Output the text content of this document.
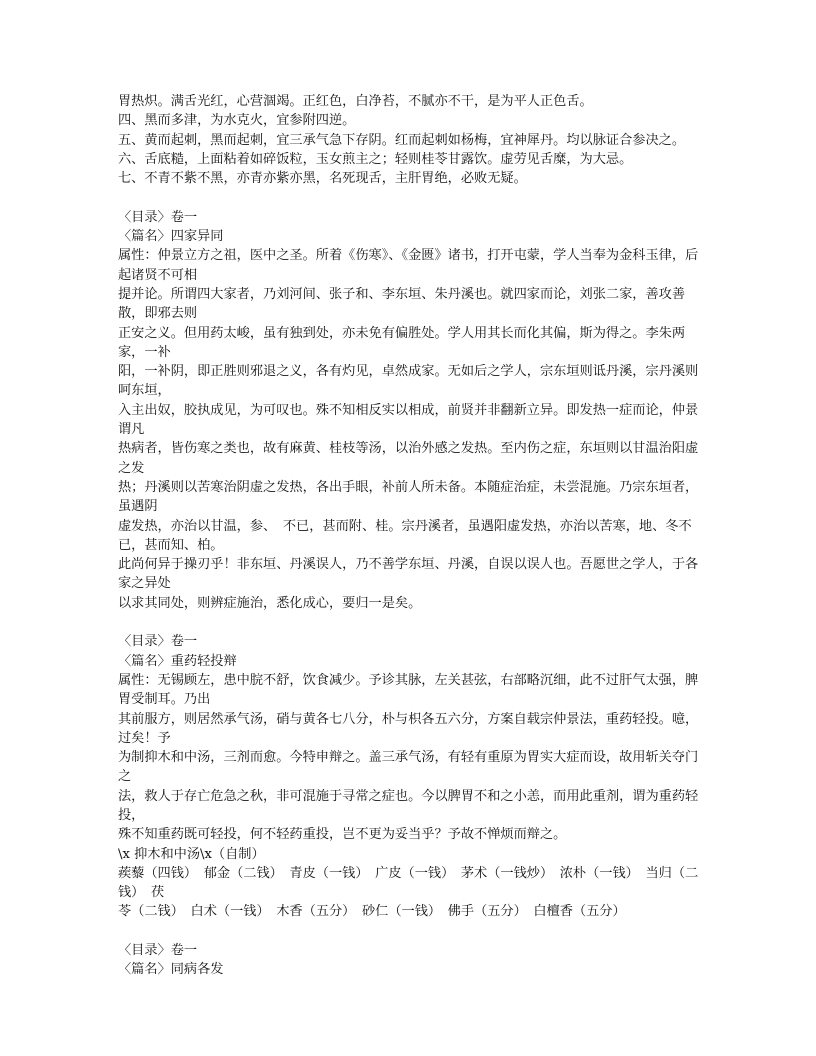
胃热炽。满舌光红，心营涸竭。正红色，白净苔，不腻亦不干，是为平人正色舌。

四、黑而多津，为水克火，宜参附四逆。

五、黄而起刺，黑而起刺，宜三承气急下存阴。红而起刺如杨梅，宜神犀丹。均以脉证合参决之。

六、舌底糙，上面粘着如碎饭粒，玉女煎主之；轻则桂苓甘露饮。虚劳见舌糜，为大忌。

七、不青不紫不黑，亦青亦紫亦黑，名死现舌，主肝胃绝，必败无疑。

〈目录〉卷一

〈篇名〉四家异同

属性：仲景立方之祖，医中之圣。所着《伤寒》、《金匮》诸书，打开屯蒙，学人当奉为金科玉律，后起诸贤不可相

提并论。所谓四大家者，乃刘河间、张子和、李东垣、朱丹溪也。就四家而论，刘张二家，善攻善散，即邪去则

正安之义。但用药太峻，虽有独到处，亦未免有偏胜处。学人用其长而化其偏，斯为得之。李朱两家，一补

阳，一补阴，即正胜则邪退之义，各有灼见，卓然成家。无如后之学人，宗东垣则诋丹溪，宗丹溪则呵东垣，

入主出奴，胶执成见，为可叹也。殊不知相反实以相成，前贤并非翻新立异。即发热一症而论，仲景谓凡

热病者，皆伤寒之类也，故有麻黄、桂枝等汤，以治外感之发热。至内伤之症，东垣则以甘温治阳虚之发

热；丹溪则以苦寒治阴虚之发热，各出手眼，补前人所未备。本随症治症，未尝混施。乃宗东垣者，虽遇阴

虚发热，亦治以甘温，参、　不已，甚而附、桂。宗丹溪者，虽遇阳虚发热，亦治以苦寒，地、冬不已，甚而知、柏。

此尚何异于操刃乎！非东垣、丹溪误人，乃不善学东垣、丹溪，自误以误人也。吾愿世之学人，于各家之异处

以求其同处，则辨症施治，悉化成心，要归一是矣。

〈目录〉卷一

〈篇名〉重药轻投辩

属性：无锡顾左，患中脘不舒，饮食减少。予诊其脉，左关甚弦，右部略沉细，此不过肝气太强，脾胃受制耳。乃出

其前服方，则居然承气汤，硝与黄各七八分，朴与枳各五六分，方案自载宗仲景法，重药轻投。噫，过矣！予

为制抑木和中汤，三剂而愈。今特申辩之。盖三承气汤，有轻有重原为胃实大症而设，故用斩关夺门之

法，救人于存亡危急之秋，非可混施于寻常之症也。今以脾胃不和之小恙，而用此重剂，谓为重药轻投，

殊不知重药既可轻投，何不轻药重投，岂不更为妥当乎？予故不惮烦而辩之。

\x 抑木和中汤\x（自制）

蒺藜（四钱）　郁金（二钱）　青皮（一钱）　广皮（一钱）　茅术（一钱炒）　浓朴（一钱）　当归（二钱）　茯

苓（二钱）　白术（一钱）　木香（五分）　砂仁（一钱）　佛手（五分）　白檀香（五分）

〈目录〉卷一

〈篇名〉同病各发
